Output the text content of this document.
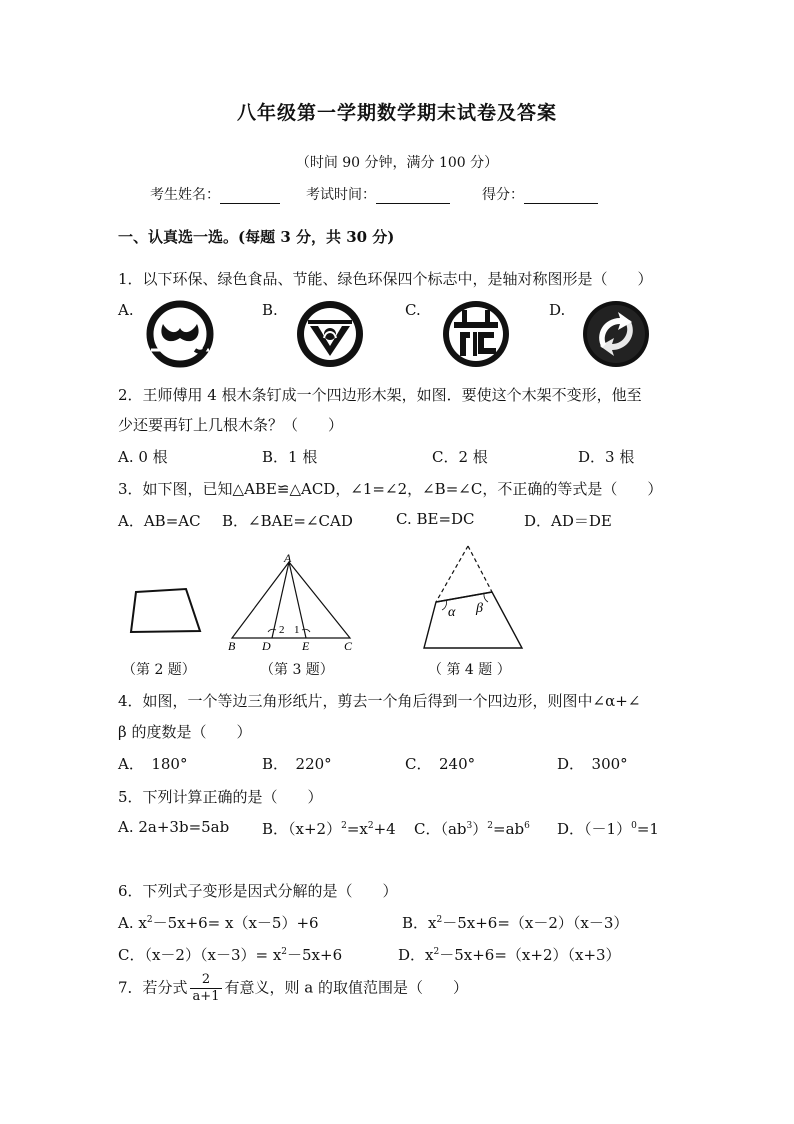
八年级第一学期数学期末试卷及答案
（时间 90 分钟，满分 100 分）
考生姓名：	考试时间：	得分：
一、认真选一选。(每题 3 分，共 30 分)
1．以下环保、绿色食品、节能、绿色环保四个标志中，是轴对称图形是（　　）
A.	B.	C.	D.
2．王师傅用 4 根木条钉成一个四边形木架，如图．要使这个木架不变形，他至
少还要再钉上几根木条？（　　）
A. 0 根	B．1 根	C．2 根	D．3 根
3．如下图，已知△ABE≌△ACD，∠1=∠2，∠B=∠C，不正确的等式是（　　）
A．AB=AC B．∠BAE=∠CAD	C. BE=DC	D．AD＝DE
（第 2 题）
A
B D	E	C
2 1
（第 3 题）
α β
（ 第 4 题 ）
4．如图，一个等边三角形纸片，剪去一个角后得到一个四边形，则图中∠α+∠
β 的度数是（　　）
A．　180°	B．　220°	C．　240°	D．　300°
5．下列计算正确的是（　　）
A. 2a+3b=5ab B．$(x+2)^2=x^2+4$ C．$(ab^3)^2=ab^6$ D．$(-1)^0=1$
6．下列式子变形是因式分解的是（　　）
A. $x^2-5x+6= x(x-5)+6$	B．$x^2-5x+6=(x-2)(x-3)$
C．$(x-2)(x-3)= x^2-5x+6$	D．$x^2-5x+6=(x+2)(x+3)$
7．若分式 $\frac{2}{a+1}$ 有意义，则 a 的取值范围是（　　）
